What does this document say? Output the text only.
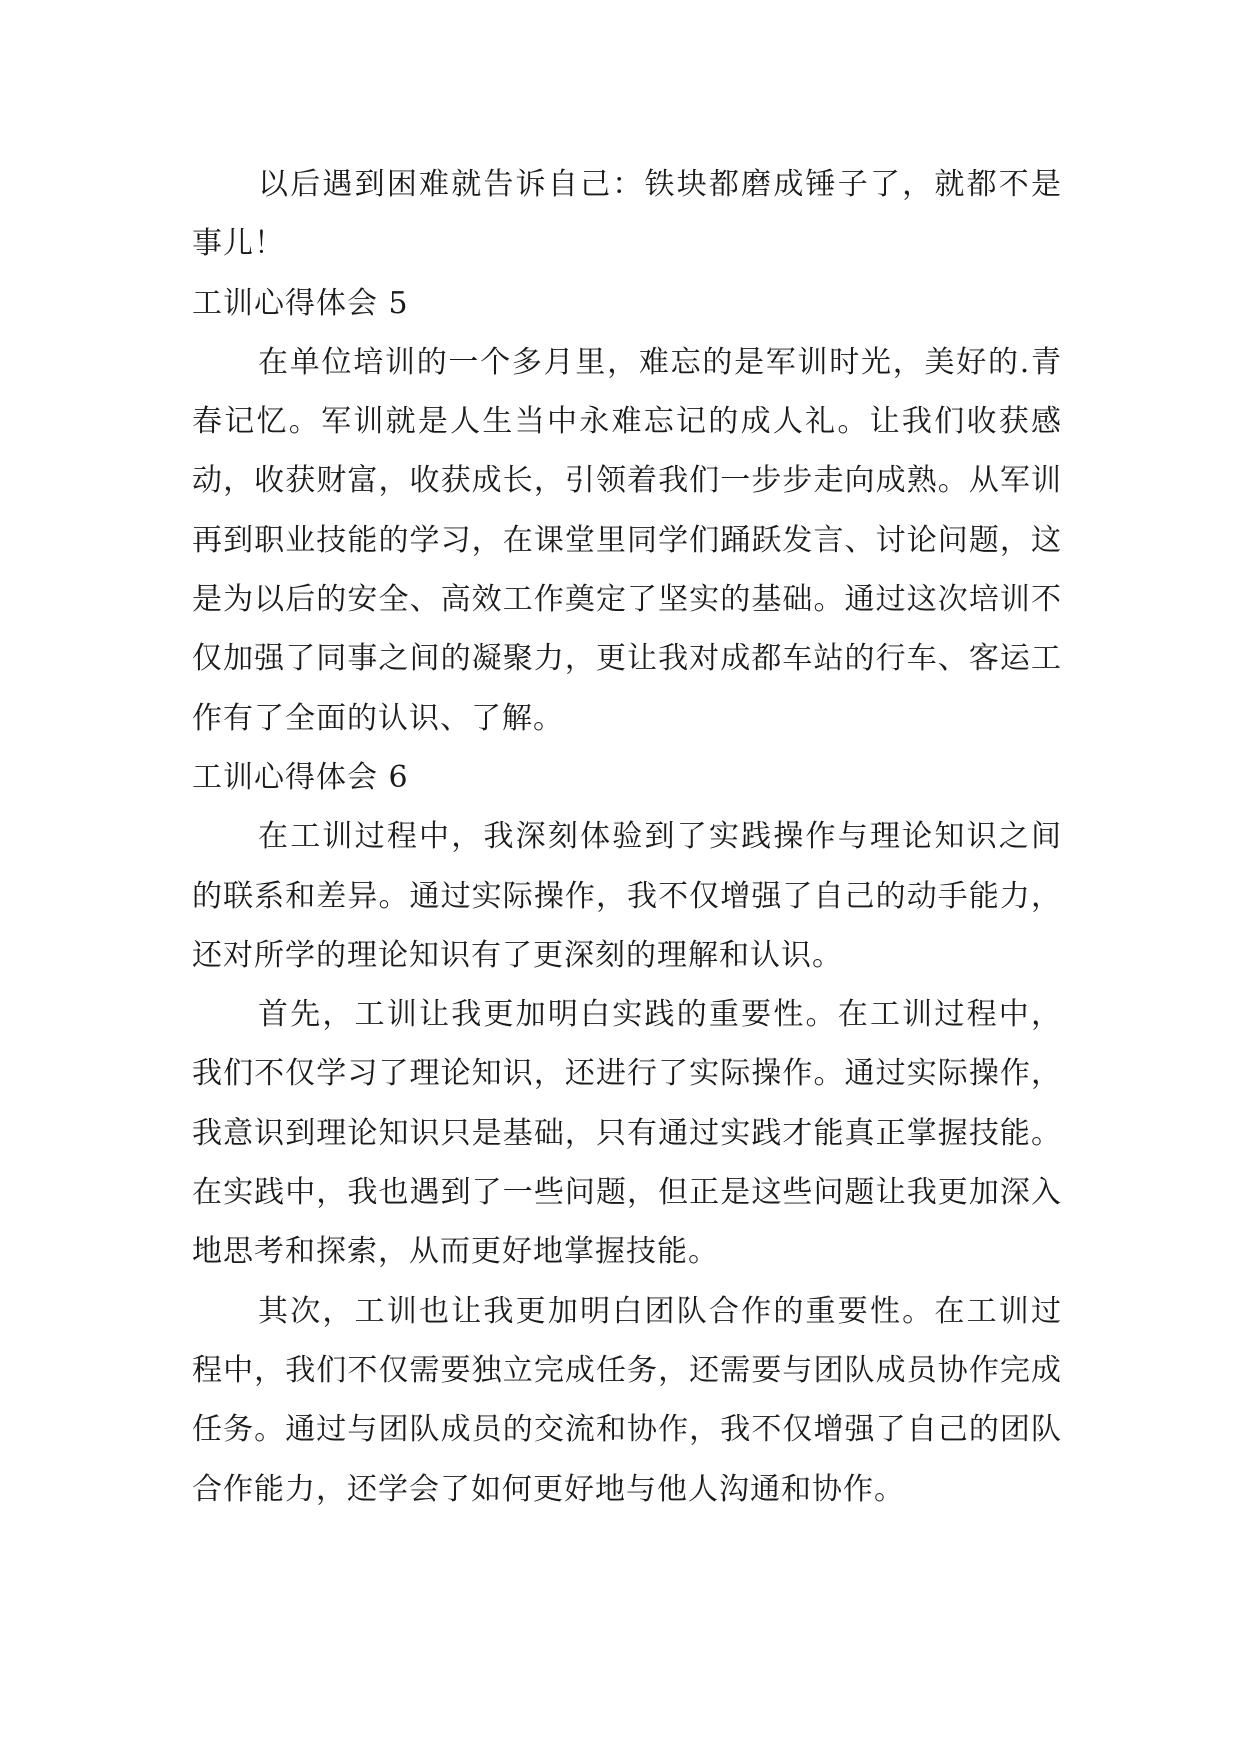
以后遇到困难就告诉自己：铁块都磨成锤子了，就都不是事儿！

工训心得体会 5

在单位培训的一个多月里，难忘的是军训时光，美好的.青春记忆。军训就是人生当中永难忘记的成人礼。让我们收获感动，收获财富，收获成长，引领着我们一步步走向成熟。从军训再到职业技能的学习，在课堂里同学们踊跃发言、讨论问题，这是为以后的安全、高效工作奠定了坚实的基础。通过这次培训不仅加强了同事之间的凝聚力，更让我对成都车站的行车、客运工作有了全面的认识、了解。

工训心得体会 6

在工训过程中，我深刻体验到了实践操作与理论知识之间的联系和差异。通过实际操作，我不仅增强了自己的动手能力，还对所学的理论知识有了更深刻的理解和认识。

首先，工训让我更加明白实践的重要性。在工训过程中，我们不仅学习了理论知识，还进行了实际操作。通过实际操作，我意识到理论知识只是基础，只有通过实践才能真正掌握技能。在实践中，我也遇到了一些问题，但正是这些问题让我更加深入地思考和探索，从而更好地掌握技能。

其次，工训也让我更加明白团队合作的重要性。在工训过程中，我们不仅需要独立完成任务，还需要与团队成员协作完成任务。通过与团队成员的交流和协作，我不仅增强了自己的团队合作能力，还学会了如何更好地与他人沟通和协作。
